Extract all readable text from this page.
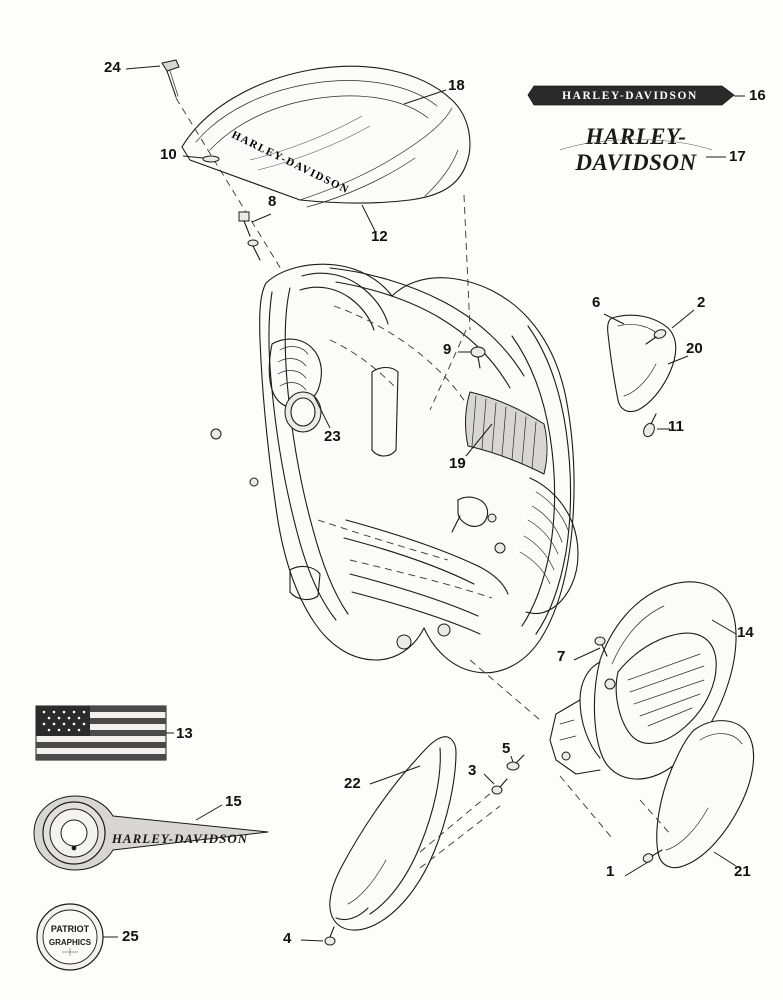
HARLEY-DAVIDSON
HARLEY-DAVIDSON
HARLEY-
DAVIDSON
HARLEY-DAVIDSON
PATRIOT
GRAPHICS
1
2
3
4
5
6
7
8
9
10
11
12
13
14
15
16
17
18
19
20
21
22
23
24
25
